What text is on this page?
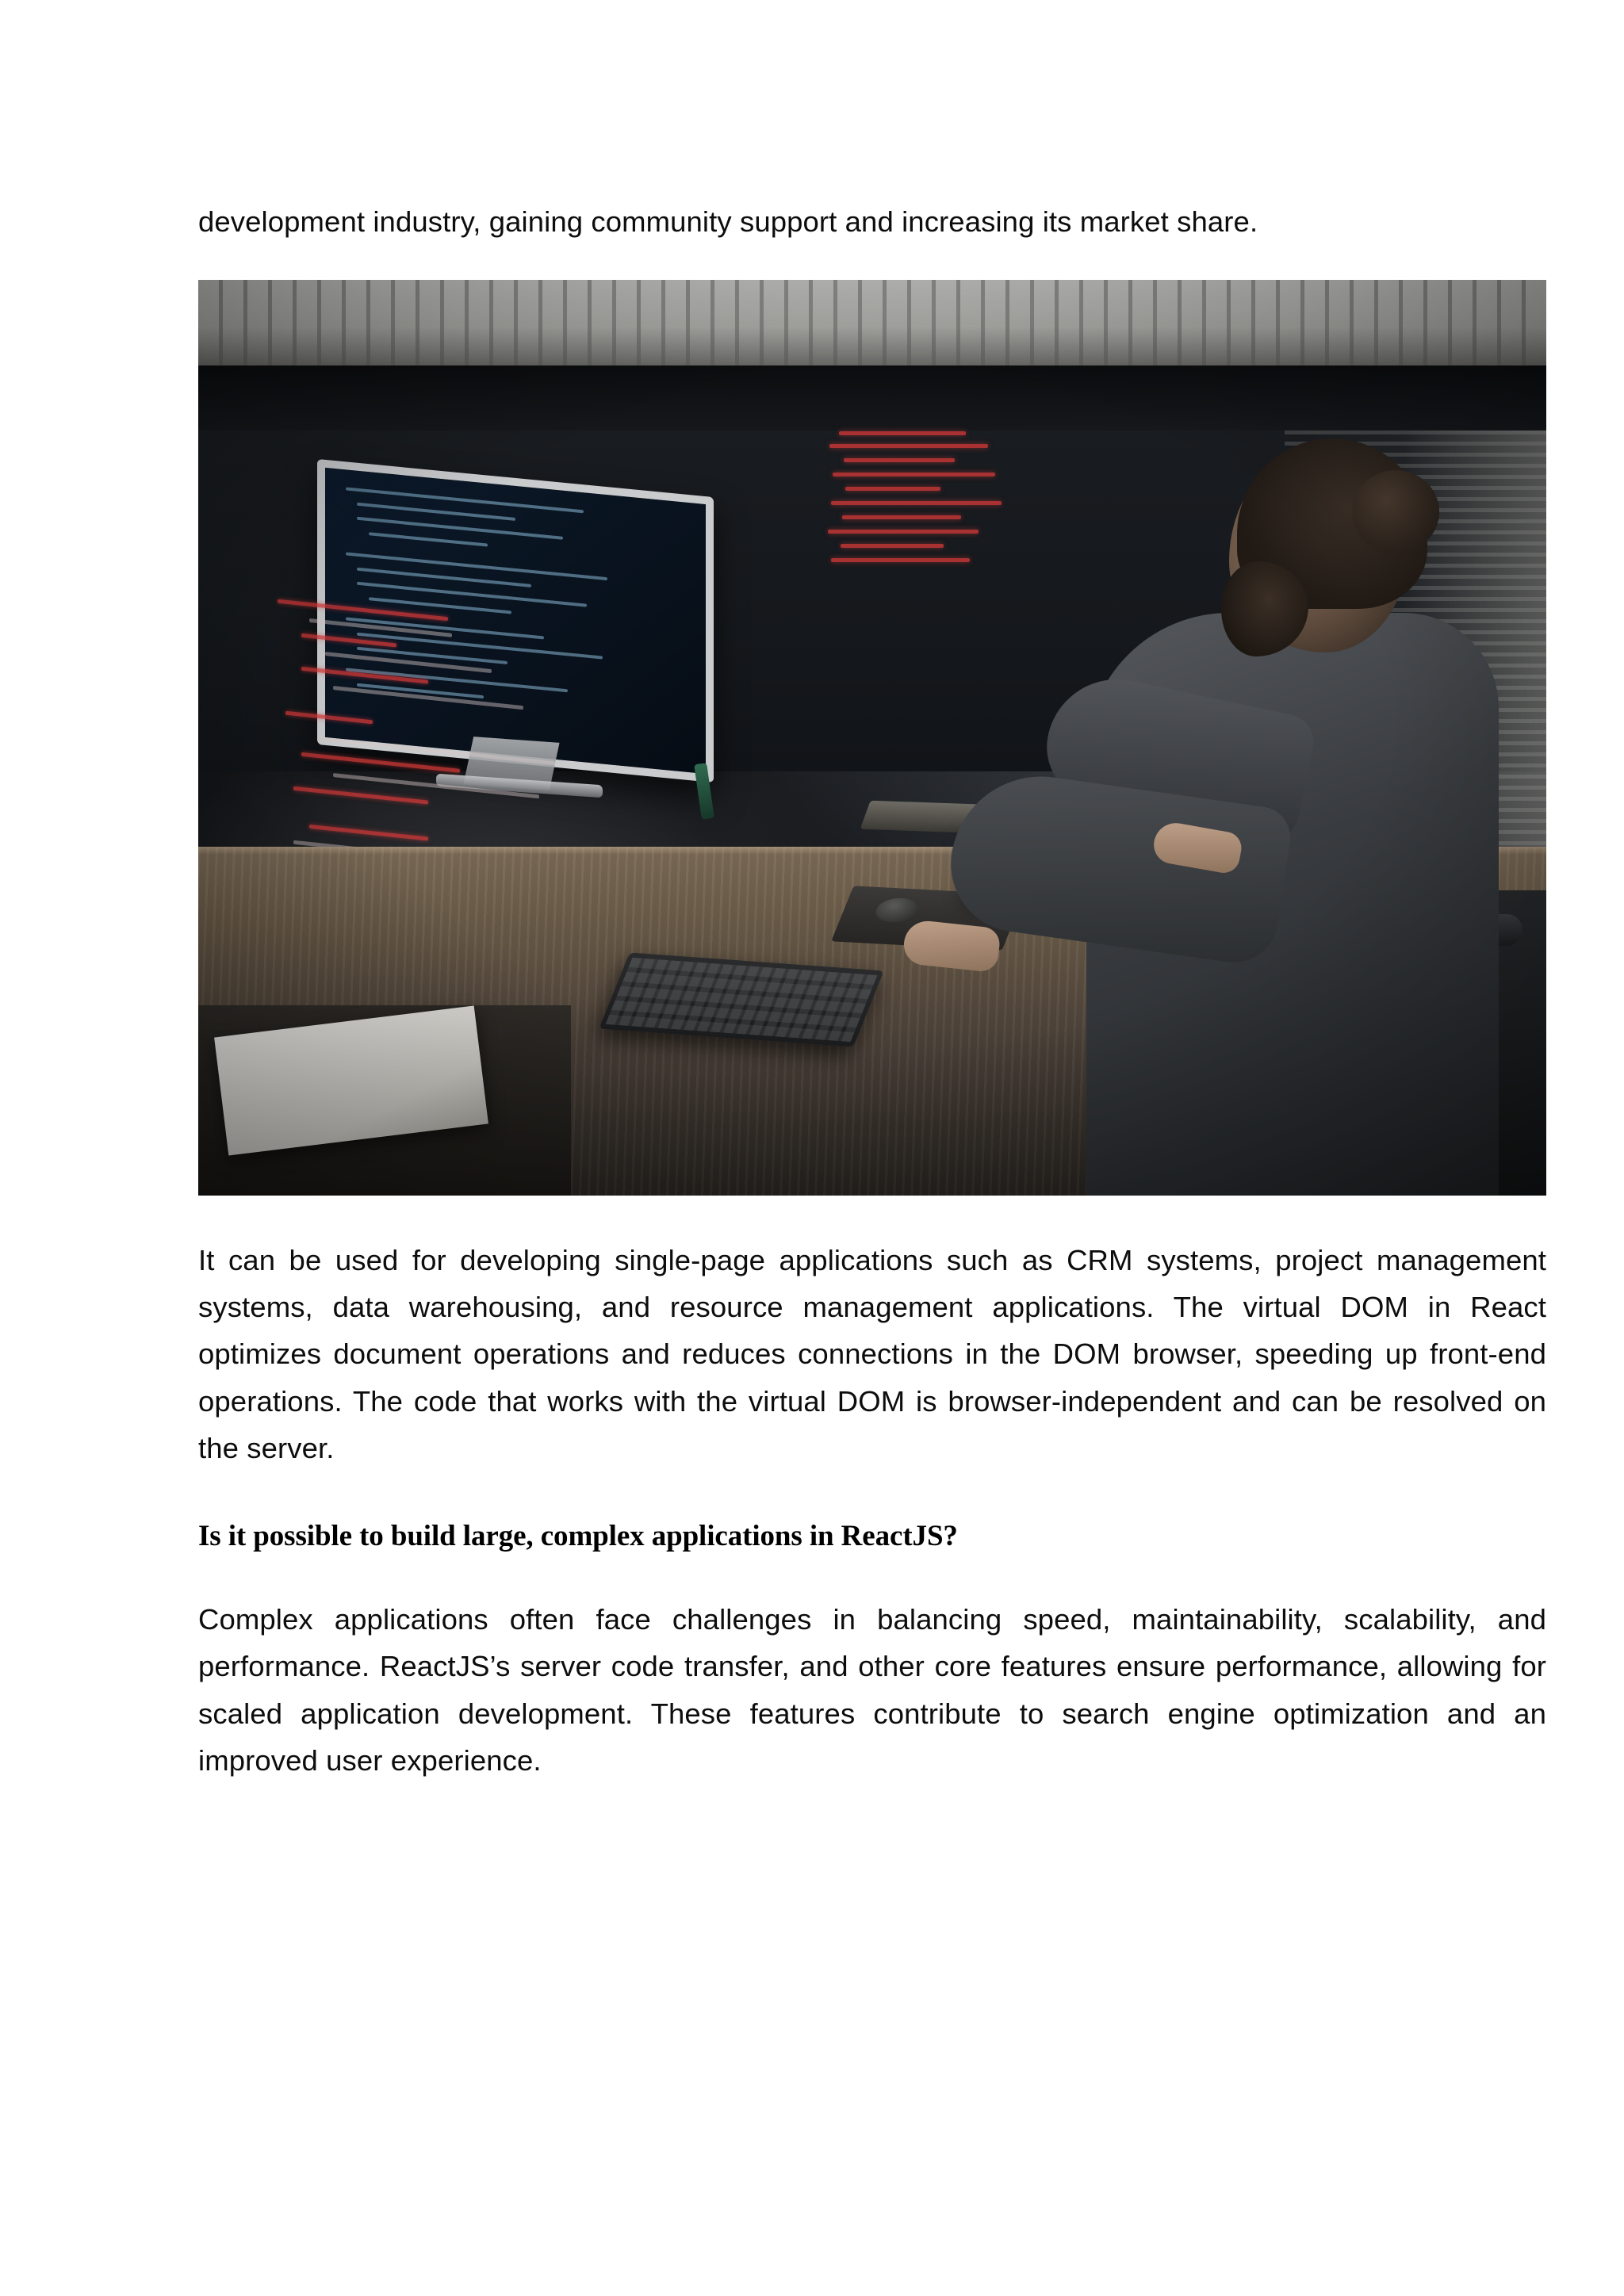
development industry, gaining community support and increasing its market share.

It can be used for developing single-page applications such as CRM systems, project management systems, data warehousing, and resource management applications. The virtual DOM in React optimizes document operations and reduces connections in the DOM browser, speeding up front-end operations. The code that works with the virtual DOM is browser-independent and can be resolved on the server.

Is it possible to build large, complex applications in ReactJS?

Complex applications often face challenges in balancing speed, maintainability, scalability, and performance. ReactJS’s server code transfer, and other core features ensure performance, allowing for scaled application development. These features contribute to search engine optimization and an improved user experience.
